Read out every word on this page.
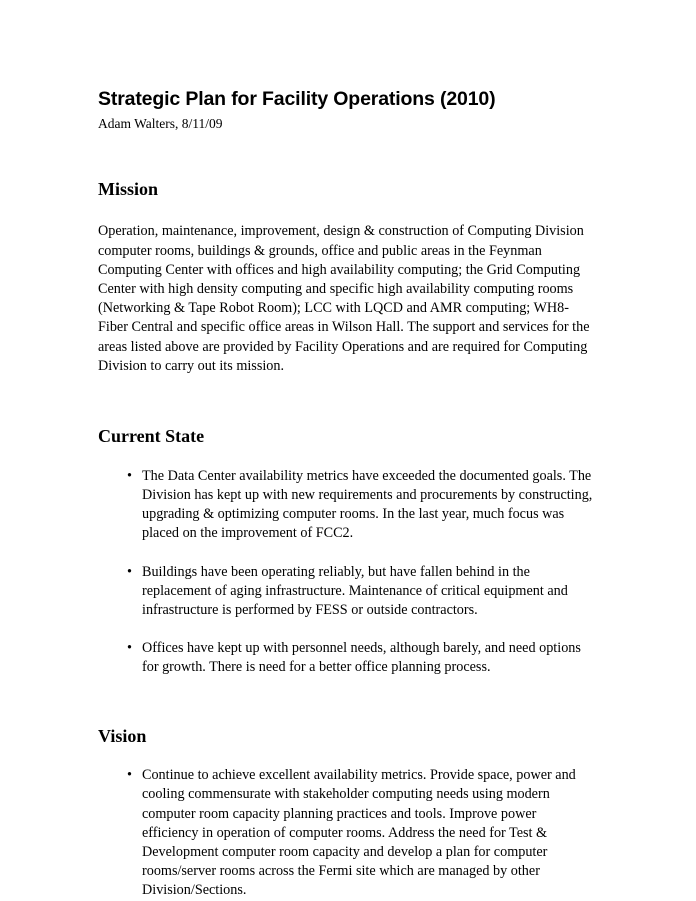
Strategic Plan for Facility Operations (2010)

Adam Walters, 8/11/09

Mission

Operation, maintenance, improvement, design & construction of Computing Division computer rooms, buildings & grounds, office and public areas in the Feynman Computing Center with offices and high availability computing; the Grid Computing Center with high density computing and specific high availability computing rooms (Networking & Tape Robot Room); LCC with LQCD and AMR computing; WH8-Fiber Central and specific office areas in Wilson Hall. The support and services for the areas listed above are provided by Facility Operations and are required for Computing Division to carry out its mission.

Current State
• The Data Center availability metrics have exceeded the documented goals. The Division has kept up with new requirements and procurements by constructing, upgrading & optimizing computer rooms. In the last year, much focus was placed on the improvement of FCC2.
• Buildings have been operating reliably, but have fallen behind in the replacement of aging infrastructure. Maintenance of critical equipment and infrastructure is performed by FESS or outside contractors.
• Offices have kept up with personnel needs, although barely, and need options for growth. There is need for a better office planning process.
Vision
• Continue to achieve excellent availability metrics. Provide space, power and cooling commensurate with stakeholder computing needs using modern computer room capacity planning practices and tools. Improve power efficiency in operation of computer rooms. Address the need for Test & Development computer room capacity and develop a plan for computer rooms/server rooms across the Fermi site which are managed by other Division/Sections.
